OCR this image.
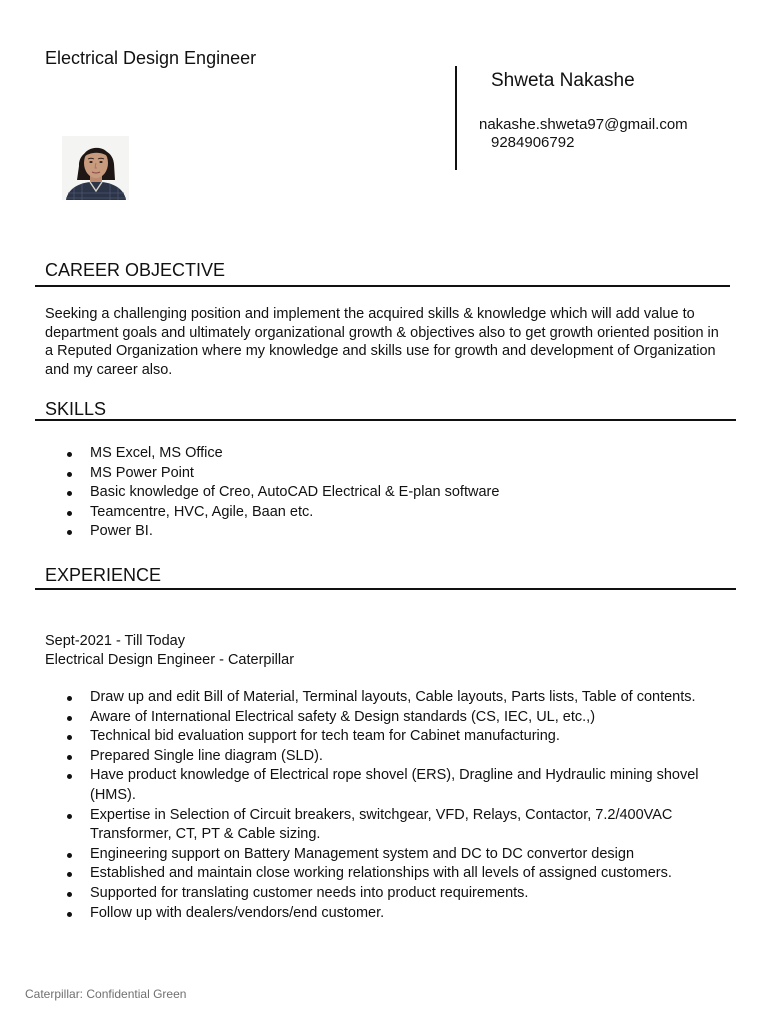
Electrical Design Engineer
Shweta Nakashe
nakashe.shweta97@gmail.com
9284906792
CAREER OBJECTIVE
Seeking a challenging position and implement the acquired skills & knowledge which will add value to department goals and ultimately organizational growth & objectives also to get growth oriented position in a Reputed Organization where my knowledge and skills use for growth and development of Organization and my career also.
SKILLS
MS Excel, MS Office
MS Power Point
Basic knowledge of Creo, AutoCAD Electrical & E-plan software
Teamcentre, HVC, Agile, Baan etc.
Power BI.
EXPERIENCE
Sept-2021 - Till Today
Electrical Design Engineer - Caterpillar
Draw up and edit Bill of Material, Terminal layouts, Cable layouts, Parts lists, Table of contents.
Aware of International Electrical safety & Design standards (CS, IEC, UL, etc.,)
Technical bid evaluation support for tech team for Cabinet manufacturing.
Prepared Single line diagram (SLD).
Have product knowledge of Electrical rope shovel (ERS), Dragline and Hydraulic mining shovel (HMS).
Expertise in Selection of Circuit breakers, switchgear, VFD, Relays, Contactor, 7.2/400VAC Transformer, CT, PT & Cable sizing.
Engineering support on Battery Management system and DC to DC convertor design
Established and maintain close working relationships with all levels of assigned customers.
Supported for translating customer needs into product requirements.
Follow up with dealers/vendors/end customer.
Caterpillar: Confidential Green
